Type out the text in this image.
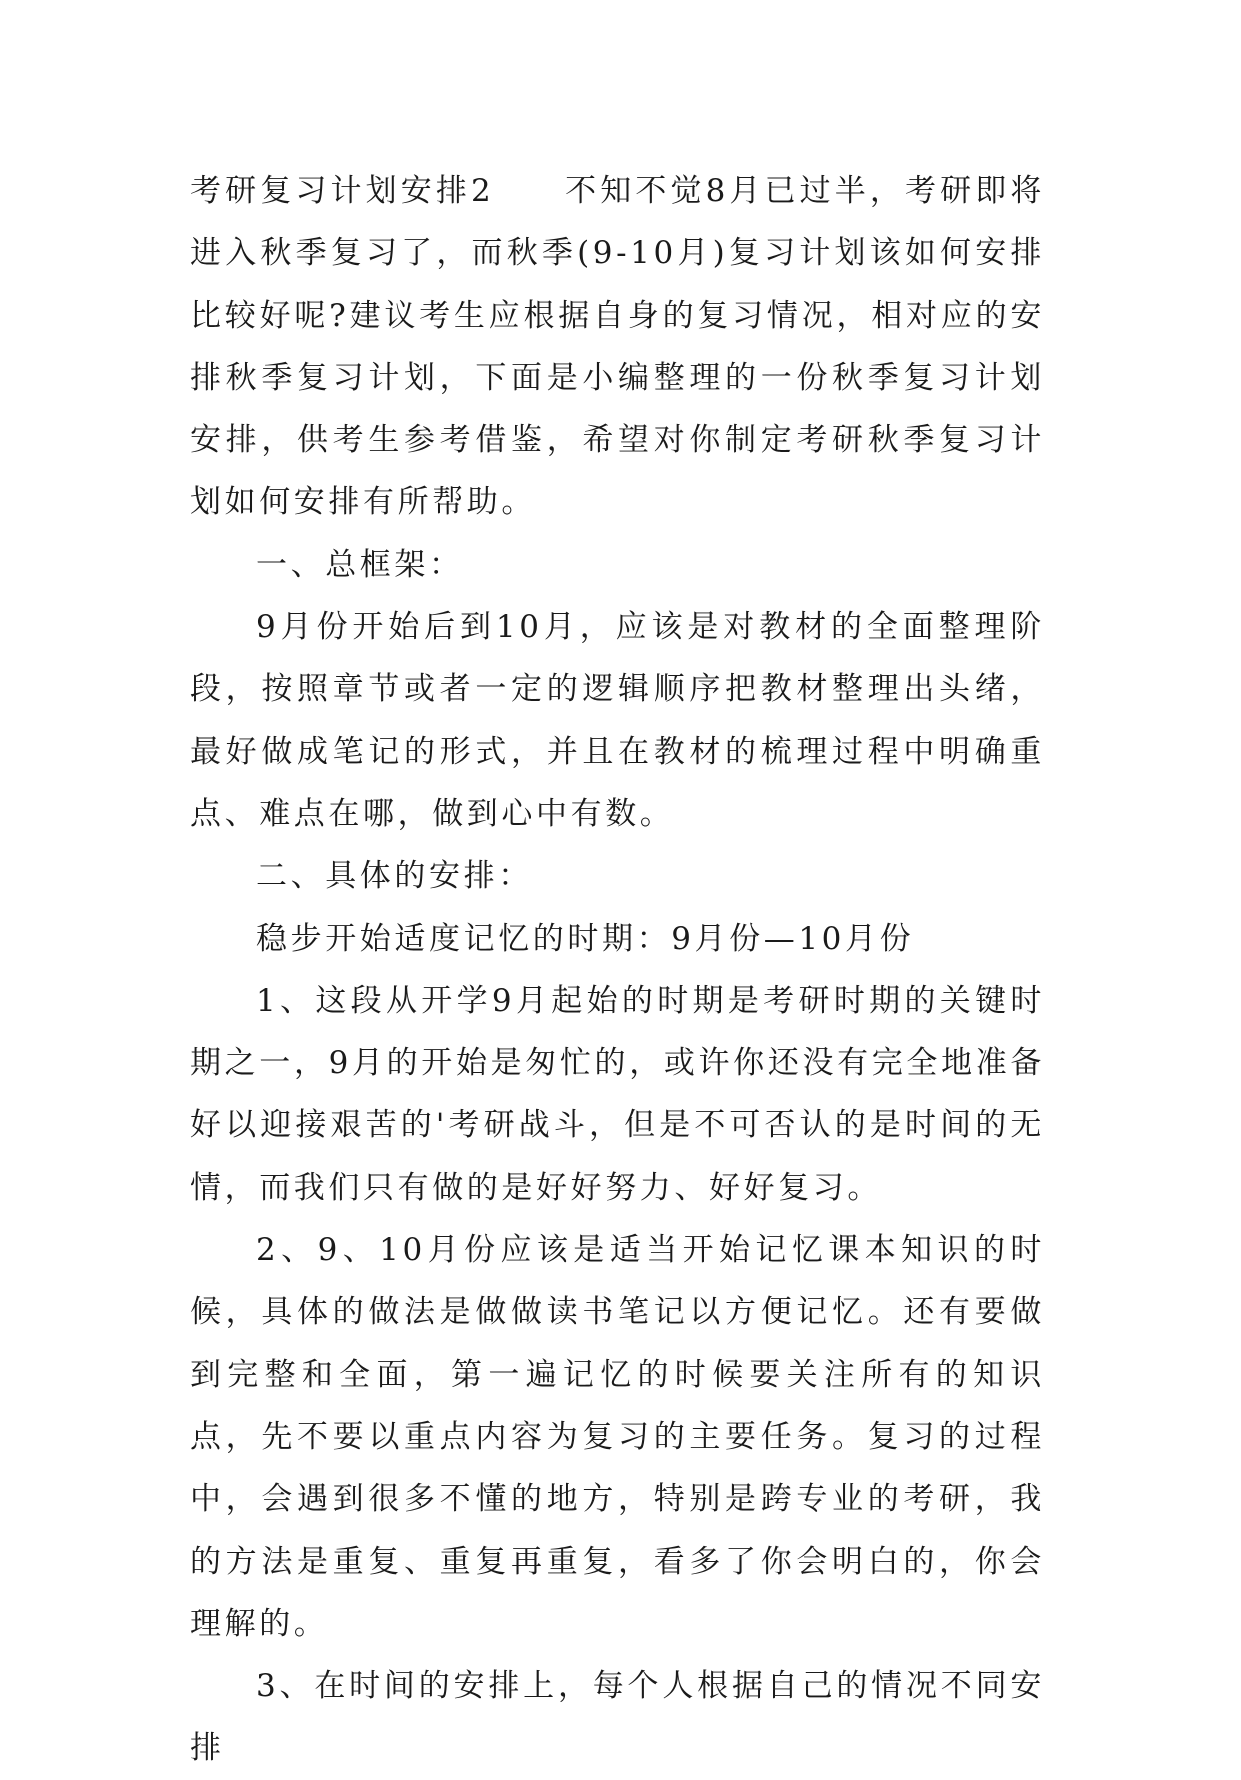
考研复习计划安排2　　不知不觉8月已过半，考研即将进入秋季复习了，而秋季(9-10月)复习计划该如何安排比较好呢?建议考生应根据自身的复习情况，相对应的安排秋季复习计划，下面是小编整理的一份秋季复习计划安排，供考生参考借鉴，希望对你制定考研秋季复习计划如何安排有所帮助。

一、总框架：

9月份开始后到10月，应该是对教材的全面整理阶段，按照章节或者一定的逻辑顺序把教材整理出头绪，最好做成笔记的形式，并且在教材的梳理过程中明确重点、难点在哪，做到心中有数。

二、具体的安排：

稳步开始适度记忆的时期：9月份—10月份

1、这段从开学9月起始的时期是考研时期的关键时期之一，9月的开始是匆忙的，或许你还没有完全地准备好以迎接艰苦的'考研战斗，但是不可否认的是时间的无情，而我们只有做的是好好努力、好好复习。

2、9、10月份应该是适当开始记忆课本知识的时候，具体的做法是做做读书笔记以方便记忆。还有要做到完整和全面，第一遍记忆的时候要关注所有的知识点，先不要以重点内容为复习的主要任务。复习的过程中，会遇到很多不懂的地方，特别是跨专业的考研，我的方法是重复、重复再重复，看多了你会明白的，你会理解的。

3、在时间的安排上，每个人根据自己的情况不同安排
